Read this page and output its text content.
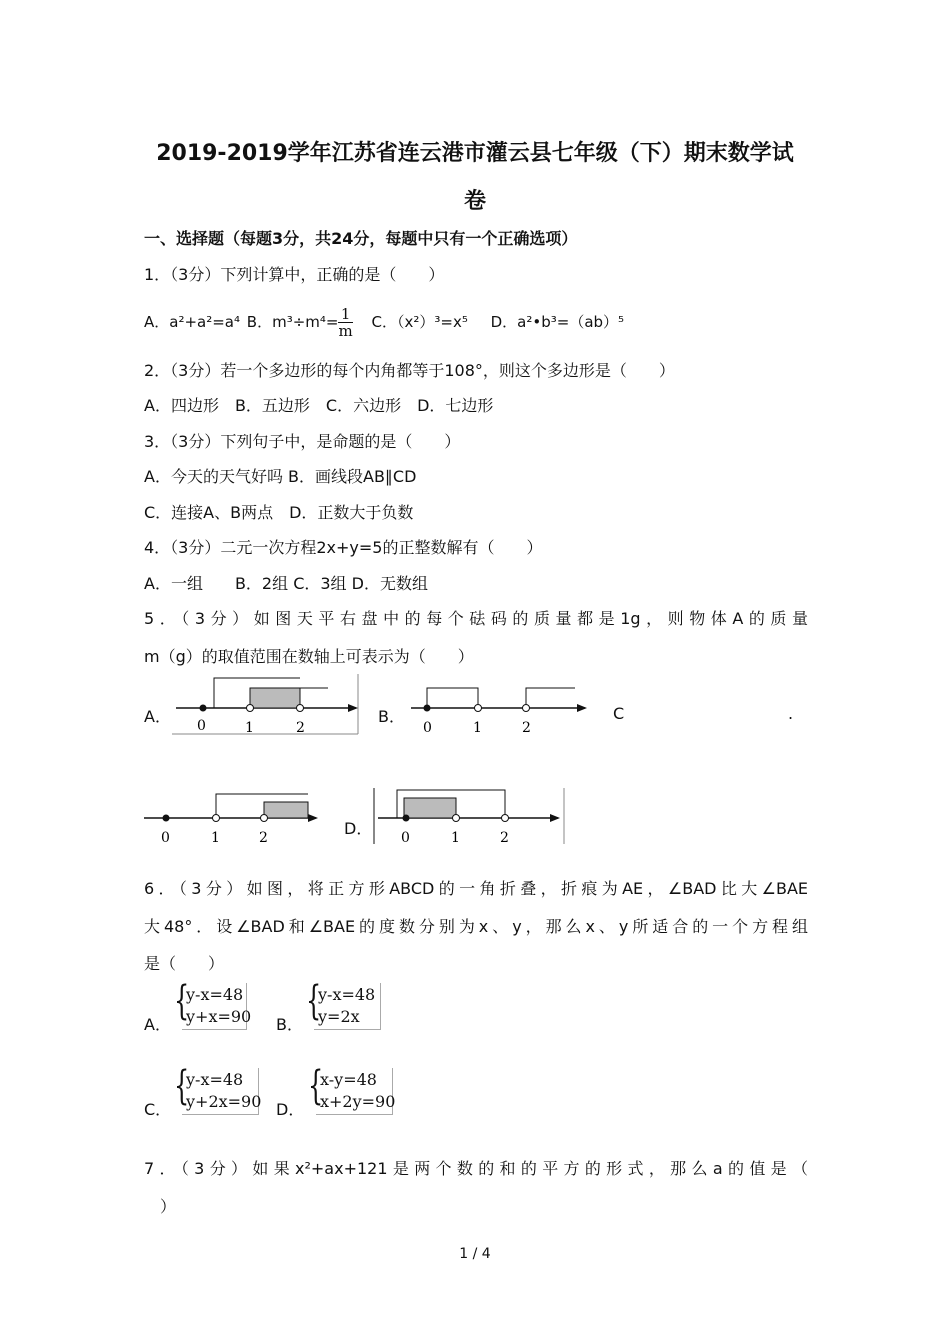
2019-2019学年江苏省连云港市灌云县七年级（下）期末数学试
卷
一、选择题（每题3分，共24分，每题中只有一个正确选项）
1．（3分）下列计算中，正确的是（　　）
A．a²+a²=a⁴ B．$m^3\div m^4= \frac{1}{m}$ C．（x²）³=x⁵ D．a²•b³=（ab）⁵
2．（3分）若一个多边形的每个内角都等于108°，则这个多边形是（　　）
A．四边形　B．五边形　C．六边形　D．七边形
3．（3分）下列句子中，是命题的是（　　）
A．今天的天气好吗 B．画线段AB∥CD
C．连接A、B两点　D．正数大于负数
4．（3分）二元一次方程2x+y=5的正整数解有（　　）
A．一组　　B．2组 C．3组 D．无数组
5．（3分）如图天平右盘中的每个砝码的质量都是1g，则物体A的质量
m（g）的取值范围在数轴上可表示为（　　）
A． 0	1	2
B．
0	1	2
C	.
0	1	2	D． 0	1	2
6．（3分）如图，将正方形ABCD的一角折叠，折痕为AE，∠BAD比大∠BAE
大48°．设∠BAD和∠BAE的度数分别为x、y，那么x、y所适合的一个方程组
是（　　）
A．
{
y-x=48
y+x=90 B．
{
y-x=48
y=2x
C．
{
y-x=48
y+2x=90 D．
{
x-y=48
x+2y=90
7．（3分）如果x²+ax+121是两个数的和的平方的形式，那么a的值是（
）
1 / 4
